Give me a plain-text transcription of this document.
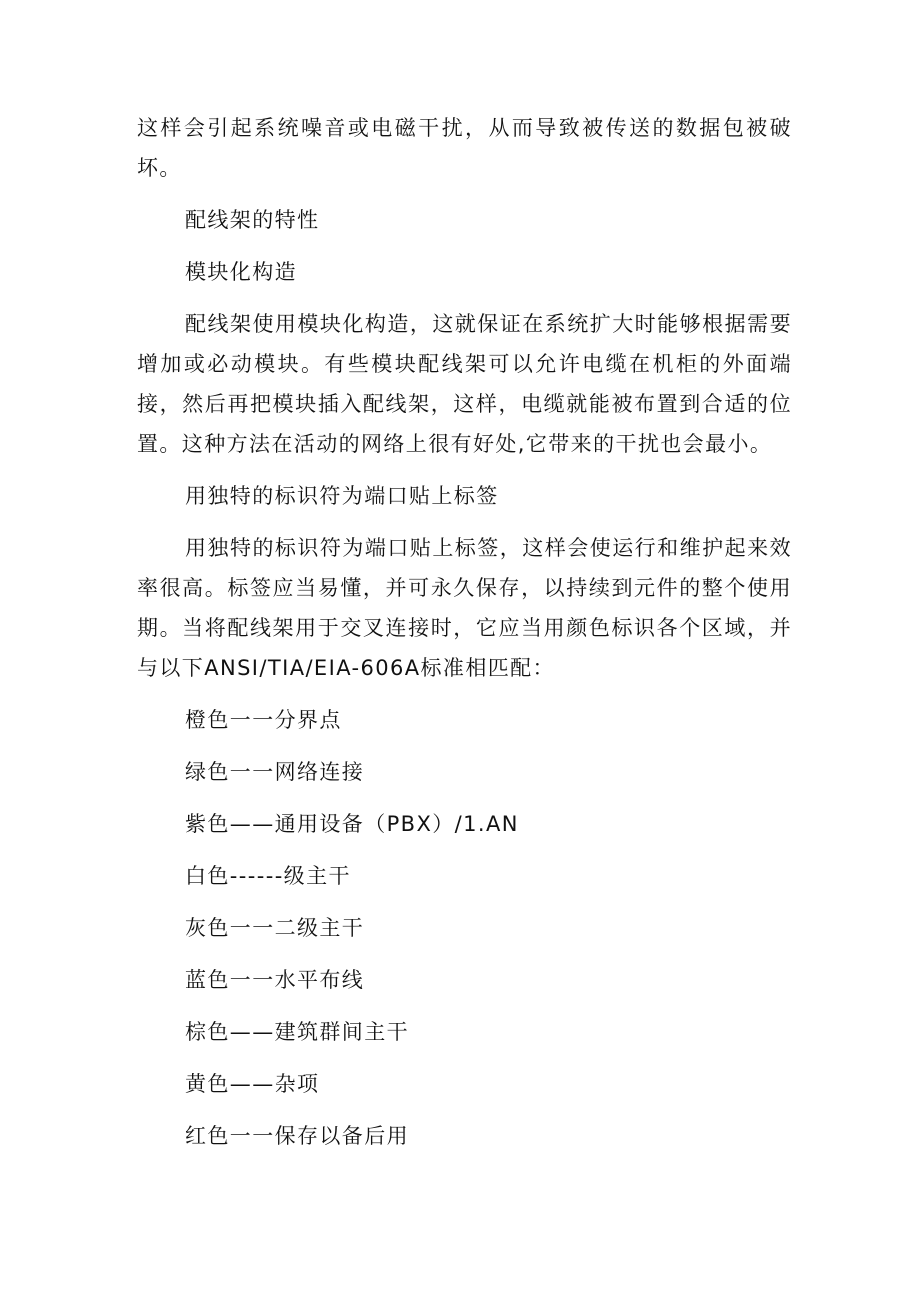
这样会引起系统噪音或电磁干扰，从而导致被传送的数据包被破坏。

配线架的特性

模块化构造

配线架使用模块化构造，这就保证在系统扩大时能够根据需要增加或必动模块。有些模块配线架可以允许电缆在机柜的外面端接，然后再把模块插入配线架，这样，电缆就能被布置到合适的位置。这种方法在活动的网络上很有好处,它带来的干扰也会最小。

用独特的标识符为端口贴上标签

用独特的标识符为端口贴上标签，这样会使运行和维护起来效率很高。标签应当易懂，并可永久保存，以持续到元件的整个使用期。当将配线架用于交叉连接时，它应当用颜色标识各个区域，并与以下ANSI/TIA/EIA-606A标准相匹配：

橙色一一分界点

绿色一一网络连接

紫色——通用设备（PBX）/1.AN

白色------级主干

灰色一一二级主干

蓝色一一水平布线

棕色——建筑群间主干

黄色——杂项

红色一一保存以备后用
